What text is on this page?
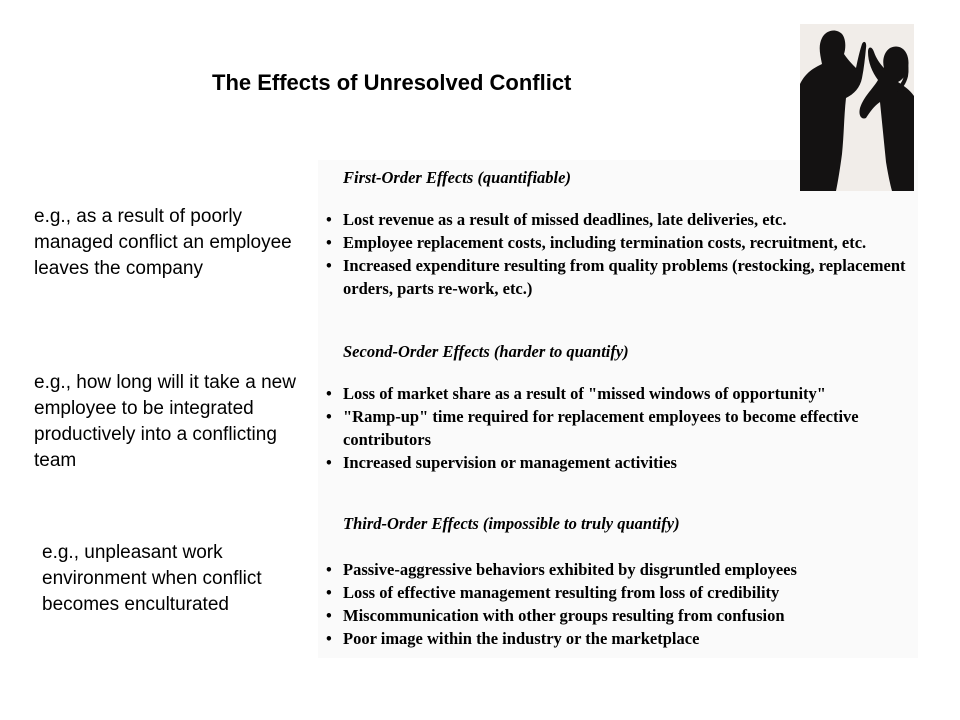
The Effects of Unresolved Conflict
e.g., as a result of poorly managed conflict an employee leaves the company
e.g., how long will it take a new employee to be integrated productively into a conflicting team
e.g., unpleasant work environment when conflict becomes enculturated
First-Order Effects (quantifiable)
• Lost revenue as a result of missed deadlines, late deliveries, etc.
• Employee replacement costs, including termination costs, recruitment, etc.
• Increased expenditure resulting from quality problems (restocking, replacement orders, parts re-work, etc.)
Second-Order Effects (harder to quantify)
• Loss of market share as a result of "missed windows of opportunity"
• "Ramp-up" time required for replacement employees to become effective contributors
• Increased supervision or management activities
Third-Order Effects (impossible to truly quantify)
• Passive-aggressive behaviors exhibited by disgruntled employees
• Loss of effective management resulting from loss of credibility
• Miscommunication with other groups resulting from confusion
• Poor image within the industry or the marketplace
